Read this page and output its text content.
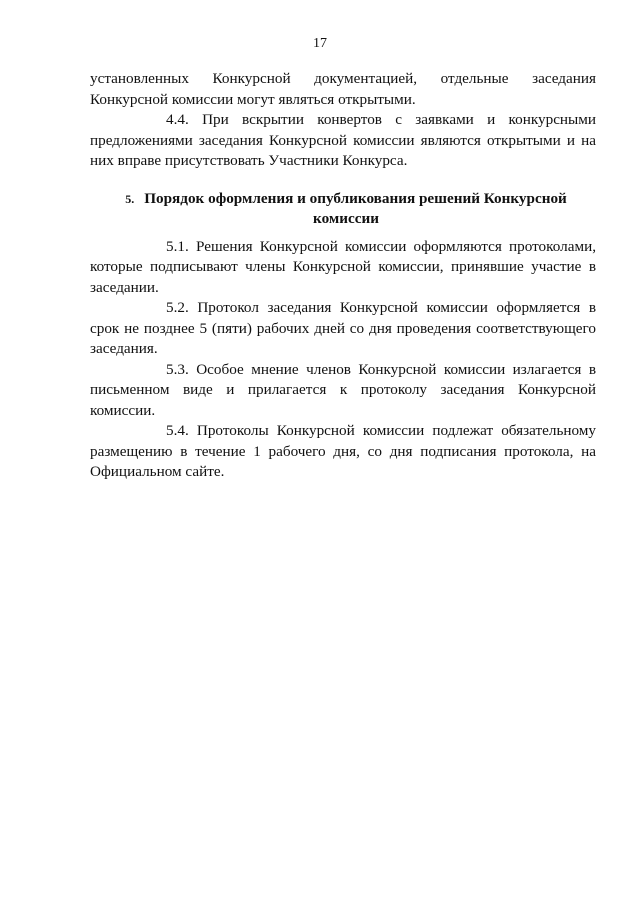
17

установленных Конкурсной документацией, отдельные заседания Конкурсной комиссии могут являться открытыми.

4.4. При вскрытии конвертов с заявками и конкурсными предложениями заседания Конкурсной комиссии являются открытыми и на них вправе присутствовать Участники Конкурса.

5. Порядок оформления и опубликования решений Конкурсной комиссии

5.1. Решения Конкурсной комиссии оформляются протоколами, которые подписывают члены Конкурсной комиссии, принявшие участие в заседании.

5.2. Протокол заседания Конкурсной комиссии оформляется в срок не позднее 5 (пяти) рабочих дней со дня проведения соответствующего заседания.

5.3. Особое мнение членов Конкурсной комиссии излагается в письменном виде и прилагается к протоколу заседания Конкурсной комиссии.

5.4. Протоколы Конкурсной комиссии подлежат обязательному размещению в течение 1 рабочего дня, со дня подписания протокола, на Официальном сайте.
